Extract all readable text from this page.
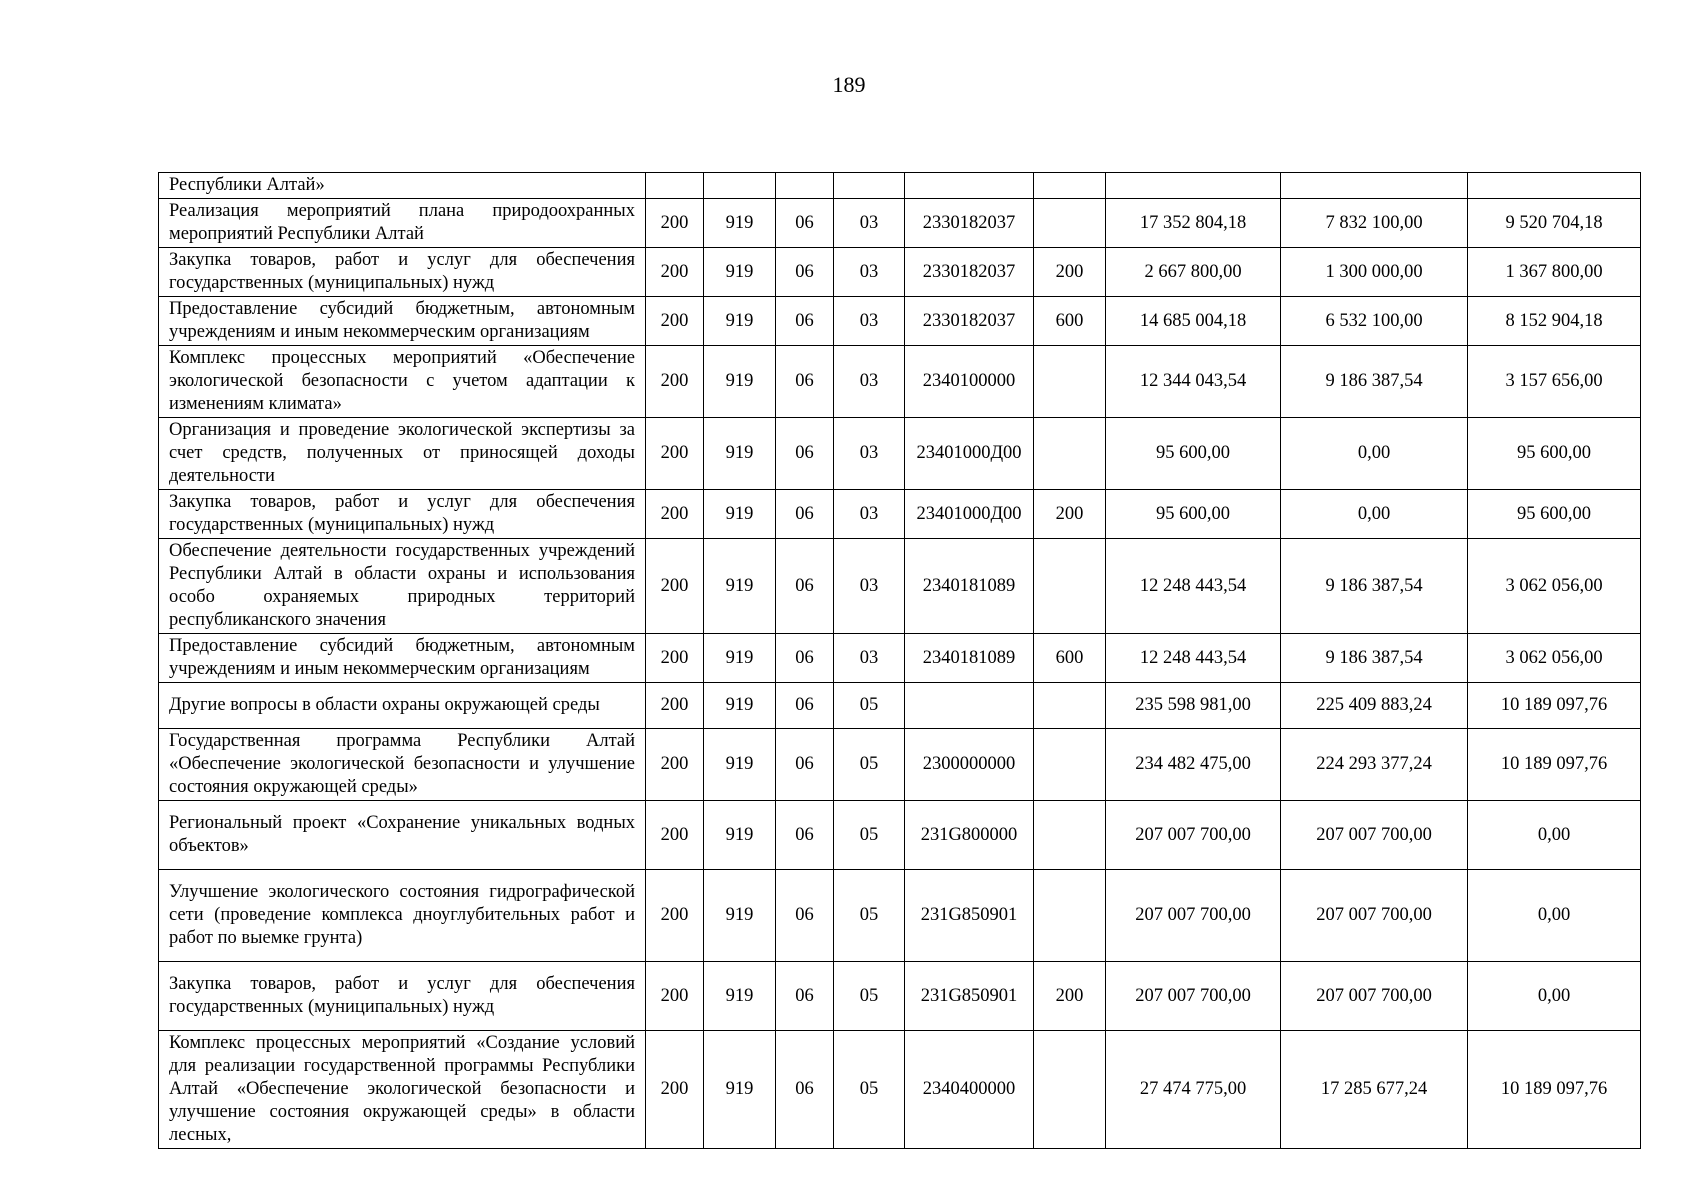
189
Республики Алтай»									
Реализация мероприятий плана природоохранных мероприятий Республики Алтай	200	919	06	03	2330182037		17 352 804,18	7 832 100,00	9 520 704,18
Закупка товаров, работ и услуг для обеспечения государственных (муниципальных) нужд	200	919	06	03	2330182037	200	2 667 800,00	1 300 000,00	1 367 800,00
Предоставление субсидий бюджетным, автономным учреждениям и иным некоммерческим организациям	200	919	06	03	2330182037	600	14 685 004,18	6 532 100,00	8 152 904,18
Комплекс процессных мероприятий «Обеспечение экологической безопасности с учетом адаптации к изменениям климата»	200	919	06	03	2340100000		12 344 043,54	9 186 387,54	3 157 656,00
Организация и проведение экологической экспертизы за счет средств, полученных от приносящей доходы деятельности	200	919	06	03	23401000Д00		95 600,00	0,00	95 600,00
Закупка товаров, работ и услуг для обеспечения государственных (муниципальных) нужд	200	919	06	03	23401000Д00	200	95 600,00	0,00	95 600,00
Обеспечение деятельности государственных учреждений Республики Алтай в области охраны и использования особо охраняемых природных территорий республиканского значения	200	919	06	03	2340181089		12 248 443,54	9 186 387,54	3 062 056,00
Предоставление субсидий бюджетным, автономным учреждениям и иным некоммерческим организациям	200	919	06	03	2340181089	600	12 248 443,54	9 186 387,54	3 062 056,00
Другие вопросы в области охраны окружающей среды	200	919	06	05			235 598 981,00	225 409 883,24	10 189 097,76
Государственная программа Республики Алтай «Обеспечение экологической безопасности и улучшение состояния окружающей среды»	200	919	06	05	2300000000		234 482 475,00	224 293 377,24	10 189 097,76
Региональный проект «Сохранение уникальных водных объектов»	200	919	06	05	231G800000		207 007 700,00	207 007 700,00	0,00
Улучшение экологического состояния гидрографической сети (проведение комплекса дноуглубительных работ и работ по выемке грунта)	200	919	06	05	231G850901		207 007 700,00	207 007 700,00	0,00
Закупка товаров, работ и услуг для обеспечения государственных (муниципальных) нужд	200	919	06	05	231G850901	200	207 007 700,00	207 007 700,00	0,00
Комплекс процессных мероприятий «Создание условий для реализации государственной программы Республики Алтай «Обеспечение экологической безопасности и улучшение состояния окружающей среды» в области лесных,	200	919	06	05	2340400000		27 474 775,00	17 285 677,24	10 189 097,76
